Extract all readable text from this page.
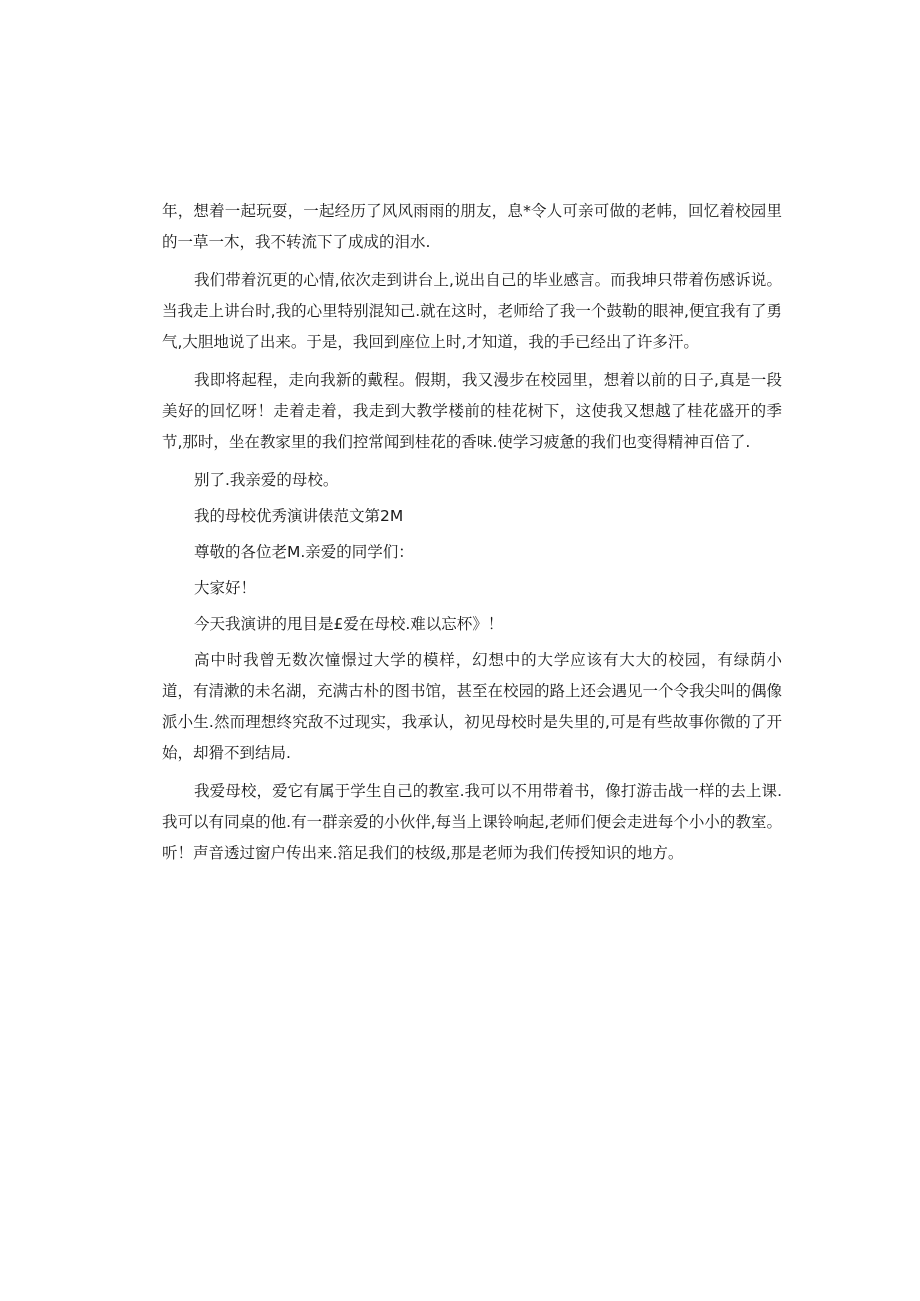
年，想着一起玩耍，一起经历了风风雨雨的朋友，息*令人可亲可做的老帏，回忆着校园里的一草一木，我不转流下了成成的泪水.

我们带着沉更的心情,依次走到讲台上,说出自己的毕业感言。而我坤只带着伤感诉说。当我走上讲台时,我的心里特别混知己.就在这时，老师给了我一个鼓勒的眼神,便宜我有了勇气,大胆地说了出来。于是，我回到座位上时,才知道，我的手已经出了许多汗。

我即将起程，走向我新的戴程。假期，我又漫步在校园里，想着以前的日子,真是一段美好的回忆呀！走着走着，我走到大教学楼前的桂花树下，这使我又想越了桂花盛开的季节,那时，坐在教家里的我们控常闻到桂花的香味.使学习疲惫的我们也变得精神百倍了.

别了.我亲爱的母校。

我的母校优秀演讲俵范文第2M

尊敬的各位老M.亲爱的同学们：

大家好！

今天我演讲的甩目是£爱在母校.难以忘杯》！

高中时我曾无数次憧憬过大学的模样，幻想中的大学应该有大大的校园，有绿荫小道，有清漱的未名湖，充满古朴的图书馆，甚至在校园的路上还会遇见一个令我尖叫的偶像派小生.然而理想终究敌不过现实，我承认，初见母校时是失里的,可是有些故事你微的了开始，却猾不到结局.

我爱母校，爱它有属于学生自己的教室.我可以不用带着书，像打游击战一样的去上课.我可以有同桌的他.有一群亲爱的小伙伴,每当上课铃响起,老师们便会走进每个小小的教室。听！声音透过窗户传出来.箔足我们的枝级,那是老师为我们传授知识的地方。
